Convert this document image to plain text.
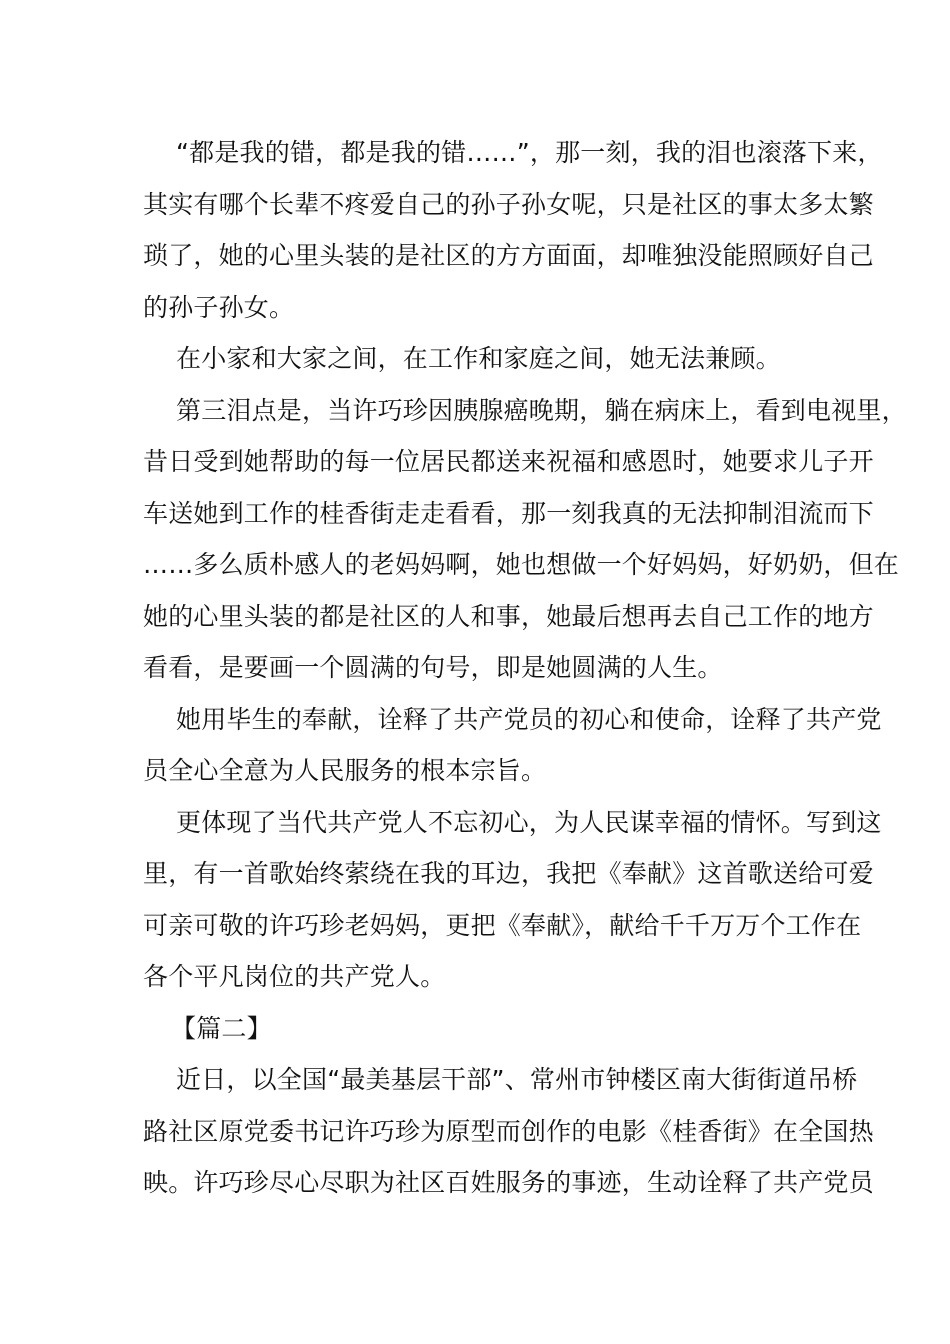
“都是我的错，都是我的错……”，那一刻，我的泪也滚落下来，
其实有哪个长辈不疼爱自己的孙子孙女呢，只是社区的事太多太繁
琐了，她的心里头装的是社区的方方面面，却唯独没能照顾好自己
的孙子孙女。

在小家和大家之间，在工作和家庭之间，她无法兼顾。

第三泪点是，当许巧珍因胰腺癌晚期，躺在病床上，看到电视里，
昔日受到她帮助的每一位居民都送来祝福和感恩时，她要求儿子开
车送她到工作的桂香街走走看看，那一刻我真的无法抑制泪流而下
……多么质朴感人的老妈妈啊，她也想做一个好妈妈，好奶奶，但在
她的心里头装的都是社区的人和事，她最后想再去自己工作的地方
看看，是要画一个圆满的句号，即是她圆满的人生。

她用毕生的奉献，诠释了共产党员的初心和使命，诠释了共产党
员全心全意为人民服务的根本宗旨。

更体现了当代共产党人不忘初心，为人民谋幸福的情怀。写到这
里，有一首歌始终萦绕在我的耳边，我把《奉献》这首歌送给可爱
可亲可敬的许巧珍老妈妈，更把《奉献》，献给千千万万个工作在
各个平凡岗位的共产党人。

【篇二】

近日，以全国“最美基层干部”、常州市钟楼区南大街街道吊桥
路社区原党委书记许巧珍为原型而创作的电影《桂香街》在全国热
映。许巧珍尽心尽职为社区百姓服务的事迹，生动诠释了共产党员
